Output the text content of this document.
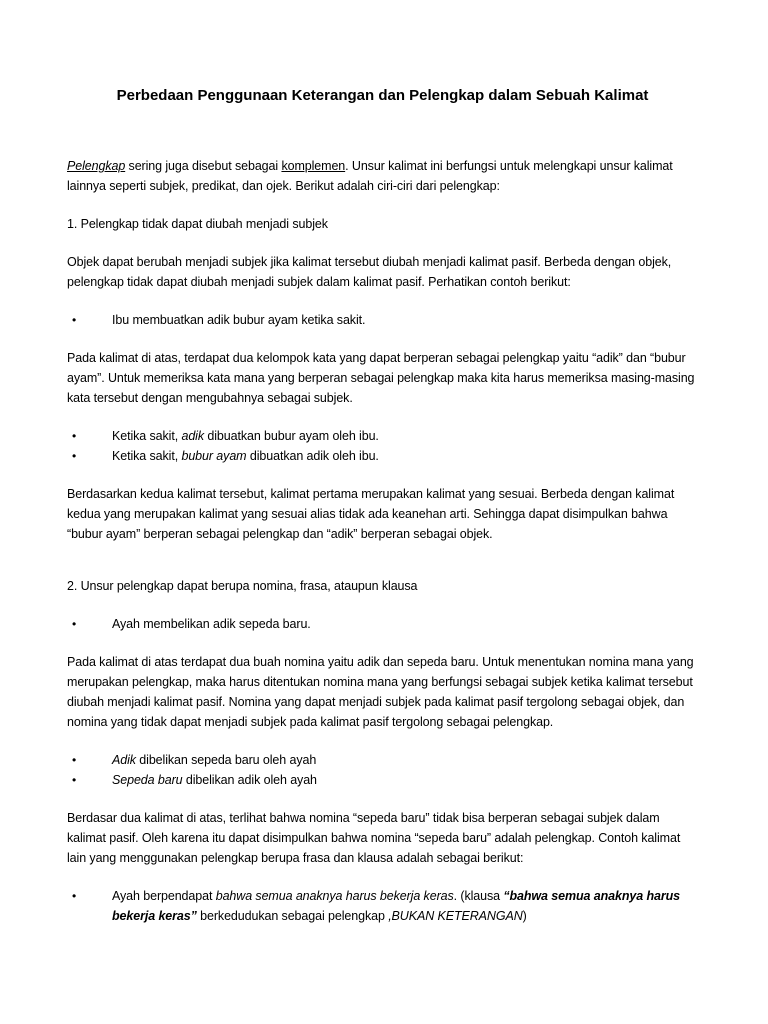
Perbedaan Penggunaan Keterangan dan Pelengkap dalam Sebuah Kalimat

Pelengkap sering juga disebut sebagai komplemen. Unsur kalimat ini berfungsi untuk melengkapi unsur kalimat lainnya seperti subjek, predikat, dan ojek. Berikut adalah ciri-ciri dari pelengkap:

1. Pelengkap tidak dapat diubah menjadi subjek

Objek dapat berubah menjadi subjek jika kalimat tersebut diubah menjadi kalimat pasif. Berbeda dengan objek, pelengkap tidak dapat diubah menjadi subjek dalam kalimat pasif. Perhatikan contoh berikut:

•	Ibu membuatkan adik bubur ayam ketika sakit.

Pada kalimat di atas, terdapat dua kelompok kata yang dapat berperan sebagai pelengkap yaitu “adik” dan “bubur ayam”. Untuk memeriksa kata mana yang berperan sebagai pelengkap maka kita harus memeriksa masing-masing kata tersebut dengan mengubahnya sebagai subjek.

•	Ketika sakit, adik dibuatkan bubur ayam oleh ibu.
•	Ketika sakit, bubur ayam dibuatkan adik oleh ibu.

Berdasarkan kedua kalimat tersebut, kalimat pertama merupakan kalimat yang sesuai. Berbeda dengan kalimat kedua yang merupakan kalimat yang sesuai alias tidak ada keanehan arti. Sehingga dapat disimpulkan bahwa “bubur ayam” berperan sebagai pelengkap dan “adik” berperan sebagai objek.

2. Unsur pelengkap dapat berupa nomina, frasa, ataupun klausa

•	Ayah membelikan adik sepeda baru.

Pada kalimat di atas terdapat dua buah nomina yaitu adik dan sepeda baru. Untuk menentukan nomina mana yang merupakan pelengkap, maka harus ditentukan nomina mana yang berfungsi sebagai subjek ketika kalimat tersebut diubah menjadi kalimat pasif. Nomina yang dapat menjadi subjek pada kalimat pasif tergolong sebagai objek, dan nomina yang tidak dapat menjadi subjek pada kalimat pasif tergolong sebagai pelengkap.

•	Adik dibelikan sepeda baru oleh ayah
•	Sepeda baru dibelikan adik oleh ayah

Berdasar dua kalimat di atas, terlihat bahwa nomina “sepeda baru” tidak bisa berperan sebagai subjek dalam kalimat pasif. Oleh karena itu dapat disimpulkan bahwa nomina “sepeda baru” adalah pelengkap. Contoh kalimat lain yang menggunakan pelengkap berupa frasa dan klausa adalah sebagai berikut:

•	Ayah berpendapat bahwa semua anaknya harus bekerja keras. (klausa “bahwa semua anaknya harus bekerja keras” berkedudukan sebagai pelengkap ,BUKAN KETERANGAN)
